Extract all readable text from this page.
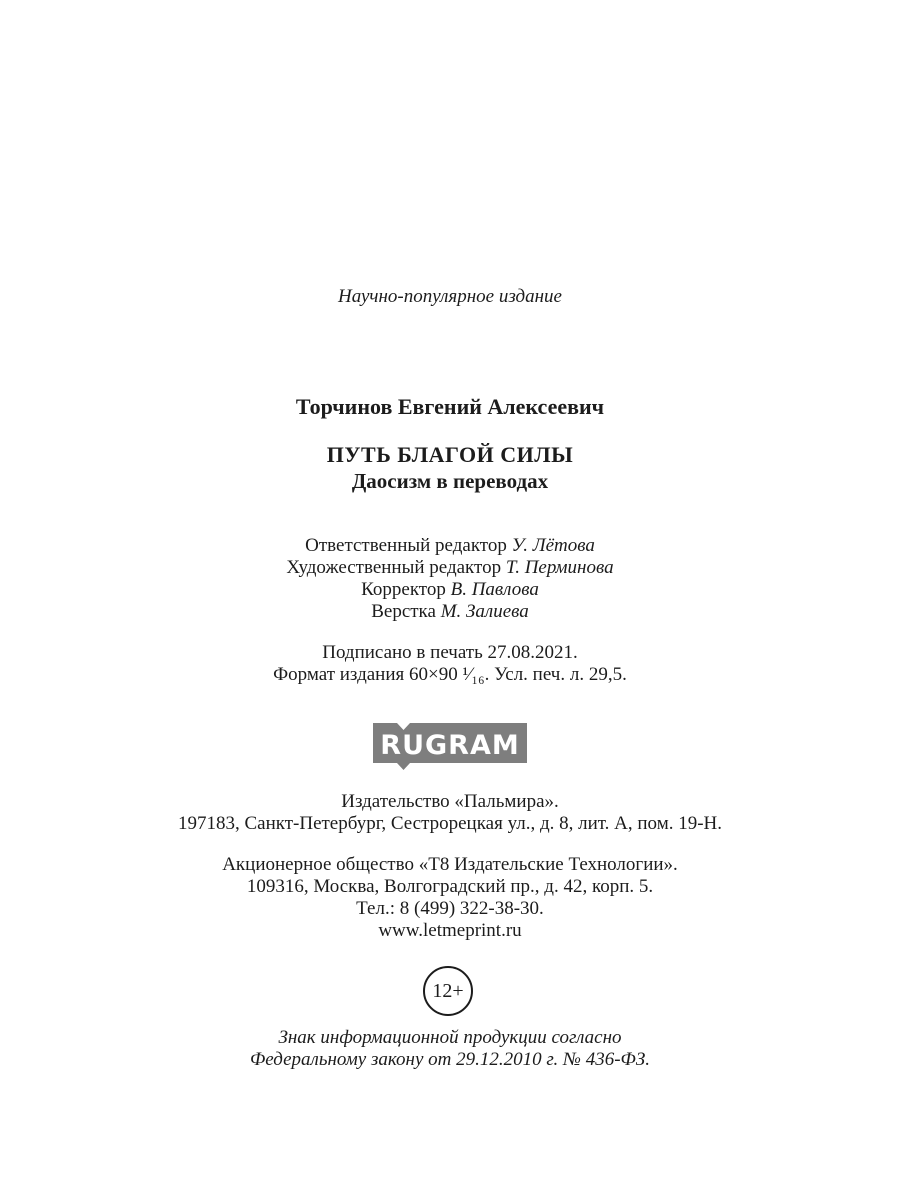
Научно-популярное издание
Торчинов Евгений Алексеевич
ПУТЬ БЛАГОЙ СИЛЫ
Даосизм в переводах
Ответственный редактор У. Лётова
Художественный редактор Т. Перминова
Корректор В. Павлова
Верстка М. Залиева
Подписано в печать 27.08.2021.
Формат издания 60×90 ¹⁄₁₆. Усл. печ. л. 29,5.
RUGRAM
Издательство «Пальмира».
197183, Санкт-Петербург, Сестрорецкая ул., д. 8, лит. А, пом. 19-Н.
Акционерное общество «Т8 Издательские Технологии».
109316, Москва, Волгоградский пр., д. 42, корп. 5.
Тел.: 8 (499) 322-38-30.
www.letmeprint.ru
12+
Знак информационной продукции согласно
Федеральному закону от 29.12.2010 г. № 436-ФЗ.
